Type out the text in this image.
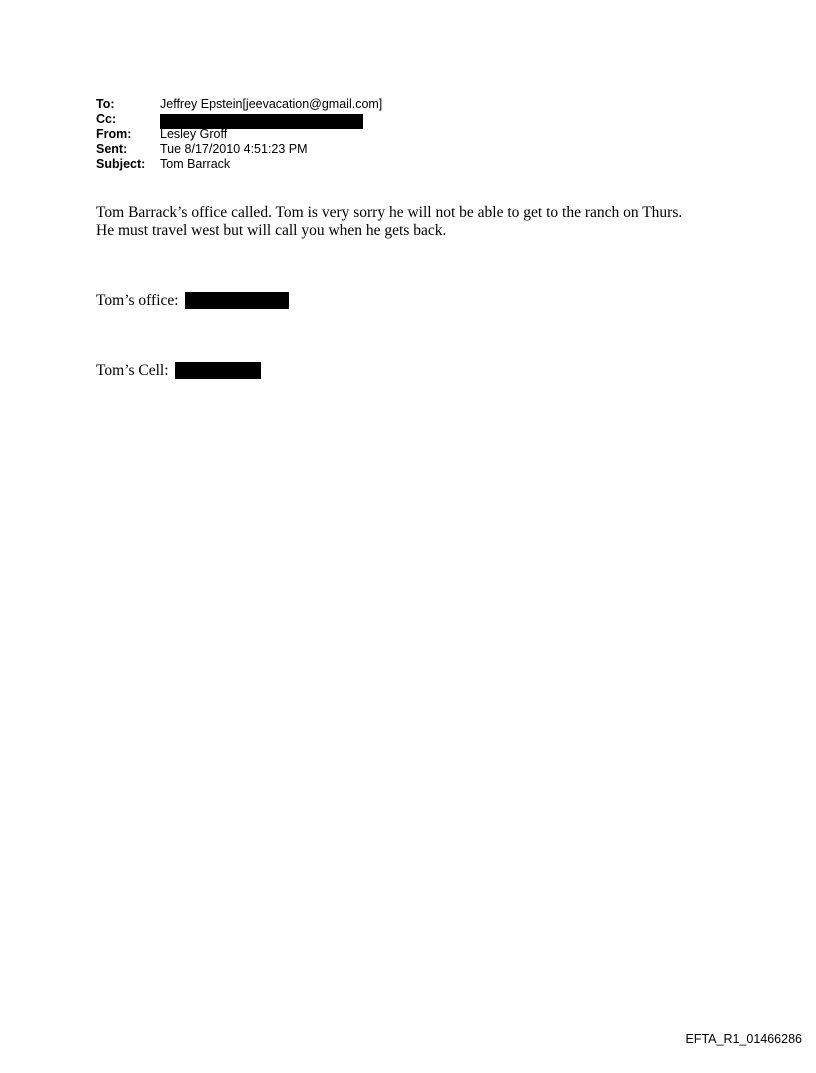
To:	Jeffrey Epstein[jeevacation@gmail.com]
Cc:
From:	Lesley Groff
Sent:	Tue 8/17/2010 4:51:23 PM
Subject:	Tom Barrack
Tom Barrack’s office called. Tom is very sorry he will not be able to get to the ranch on Thurs.
He must travel west but will call you when he gets back.
Tom’s office:
Tom’s Cell:
EFTA_R1_01466286
